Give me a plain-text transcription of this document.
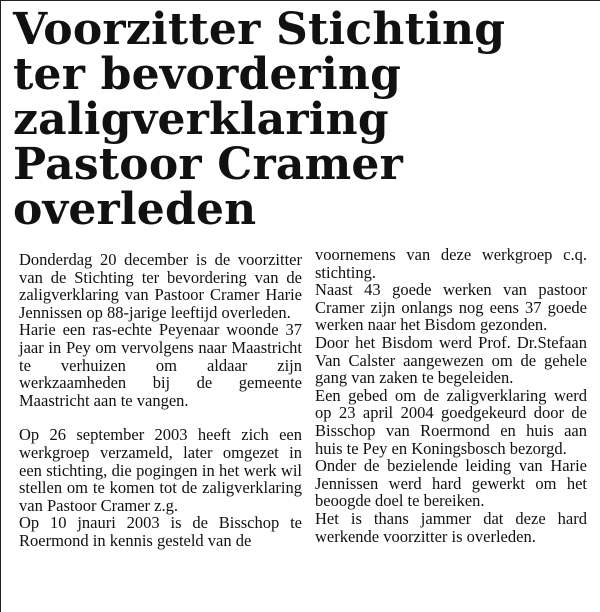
Voorzitter Stichting
ter bevordering
zaligverklaring
Pastoor Cramer
overleden

Donderdag 20 december is de voorzitter van de Stichting ter bevordering van de zaligverklaring van Pastoor Cramer Harie Jennissen op 88-jarige leeftijd overleden.

Harie een ras-echte Peyenaar woonde 37 jaar in Pey om vervolgens naar Maastricht te verhuizen om aldaar zijn werkzaamheden bij de gemeente Maastricht aan te vangen.

Op 26 september 2003 heeft zich een werkgroep verzameld, later omgezet in een stichting, die pogingen in het werk wil stellen om te komen tot de zaligverklaring van Pastoor Cramer z.g.

Op 10 jnauri 2003 is de Bisschop te Roermond in kennis gesteld van de

voornemens van deze werkgroep c.q. stichting.

Naast 43 goede werken van pastoor Cramer zijn onlangs nog eens 37 goede werken naar het Bisdom gezonden.

Door het Bisdom werd Prof. Dr.Stefaan Van Calster aangewezen om de gehele gang van zaken te begeleiden.

Een gebed om de zaligverklaring werd op 23 april 2004 goedgekeurd door de Bisschop van Roermond en huis aan huis te Pey en Koningsbosch bezorgd.

Onder de bezielende leiding van Harie Jennissen werd hard gewerkt om het beoogde doel te bereiken.

Het is thans jammer dat deze hard werkende voorzitter is overleden.
